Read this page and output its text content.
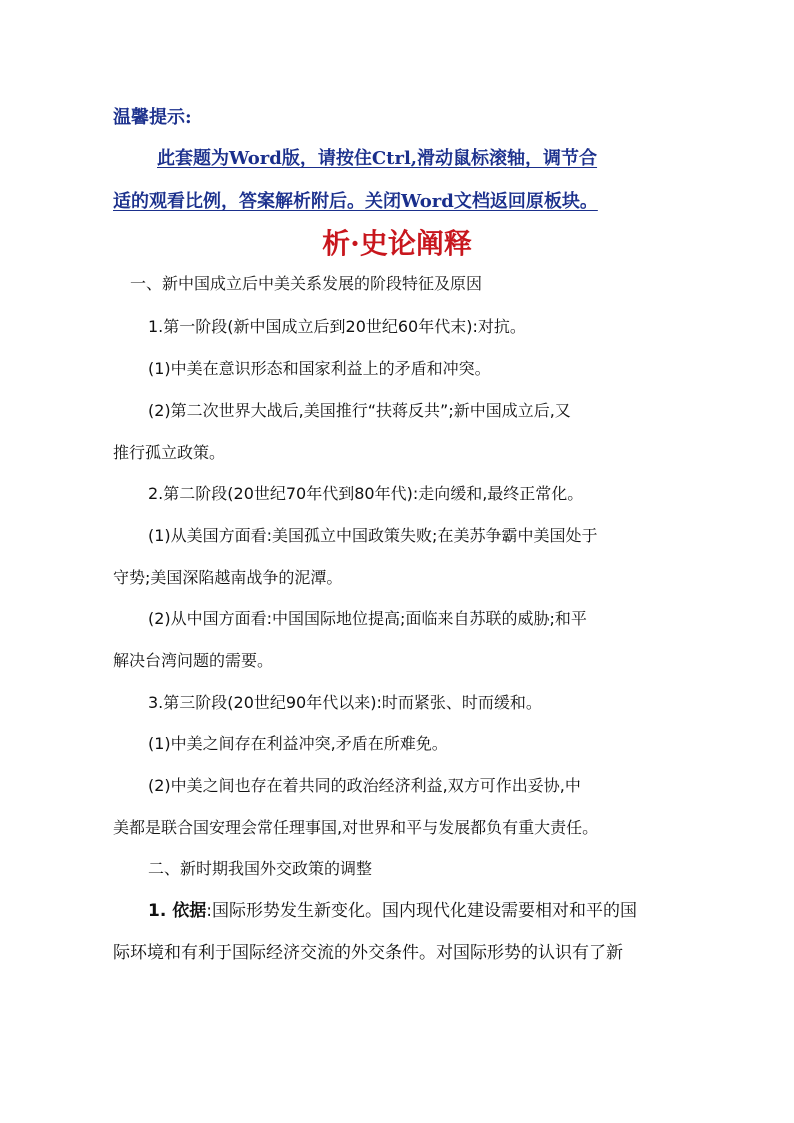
温馨提示:
此套题为Word版，请按住Ctrl,滑动鼠标滚轴，调节合
适的观看比例，答案解析附后。关闭Word文档返回原板块。
析·史论阐释
一、新中国成立后中美关系发展的阶段特征及原因
1.第一阶段(新中国成立后到20世纪60年代末):对抗。
(1)中美在意识形态和国家利益上的矛盾和冲突。
(2)第二次世界大战后,美国推行“扶蒋反共”;新中国成立后,又
推行孤立政策。
2.第二阶段(20世纪70年代到80年代):走向缓和,最终正常化。
(1)从美国方面看:美国孤立中国政策失败;在美苏争霸中美国处于
守势;美国深陷越南战争的泥潭。
(2)从中国方面看:中国国际地位提高;面临来自苏联的威胁;和平
解决台湾问题的需要。
3.第三阶段(20世纪90年代以来):时而紧张、时而缓和。
(1)中美之间存在利益冲突,矛盾在所难免。
(2)中美之间也存在着共同的政治经济利益,双方可作出妥协,中
美都是联合国安理会常任理事国,对世界和平与发展都负有重大责任。
二、新时期我国外交政策的调整
1. 依据:国际形势发生新变化。国内现代化建设需要相对和平的国
际环境和有利于国际经济交流的外交条件。对国际形势的认识有了新
